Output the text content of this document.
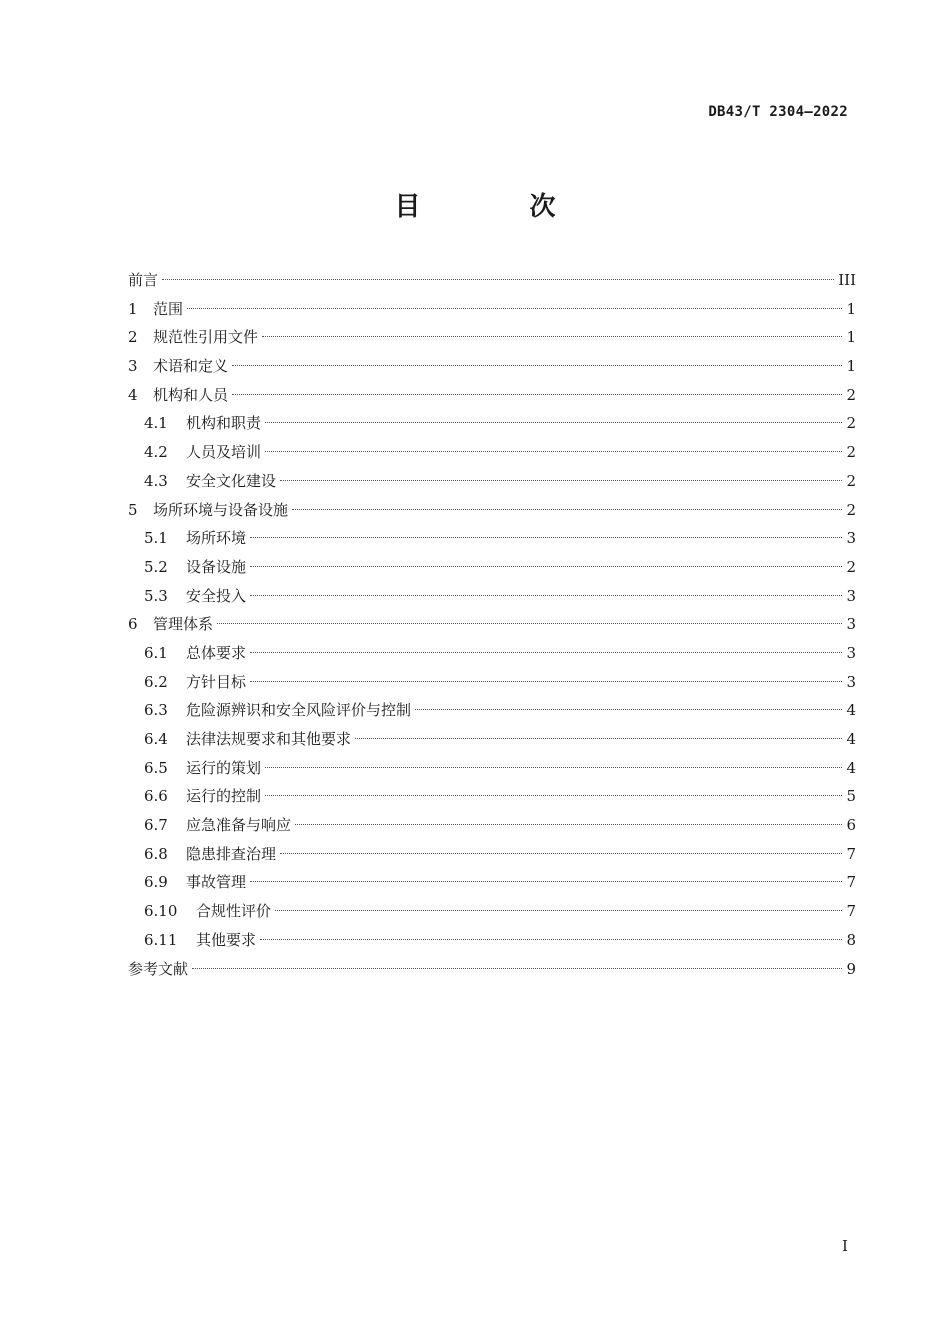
DB43/T 2304—2022
目 次
前言	III
1	范围	1
2	规范性引用文件	1
3	术语和定义	1
4	机构和人员	2
4.1	机构和职责	2
4.2	人员及培训	2
4.3	安全文化建设	2
5	场所环境与设备设施	2
5.1	场所环境	3
5.2	设备设施	2
5.3	安全投入	3
6	管理体系	3
6.1	总体要求	3
6.2	方针目标	3
6.3	危险源辨识和安全风险评价与控制	4
6.4	法律法规要求和其他要求	4
6.5	运行的策划	4
6.6	运行的控制	5
6.7	应急准备与响应	6
6.8	隐患排查治理	7
6.9	事故管理	7
6.10	合规性评价	7
6.11	其他要求	8
参考文献	9
I
